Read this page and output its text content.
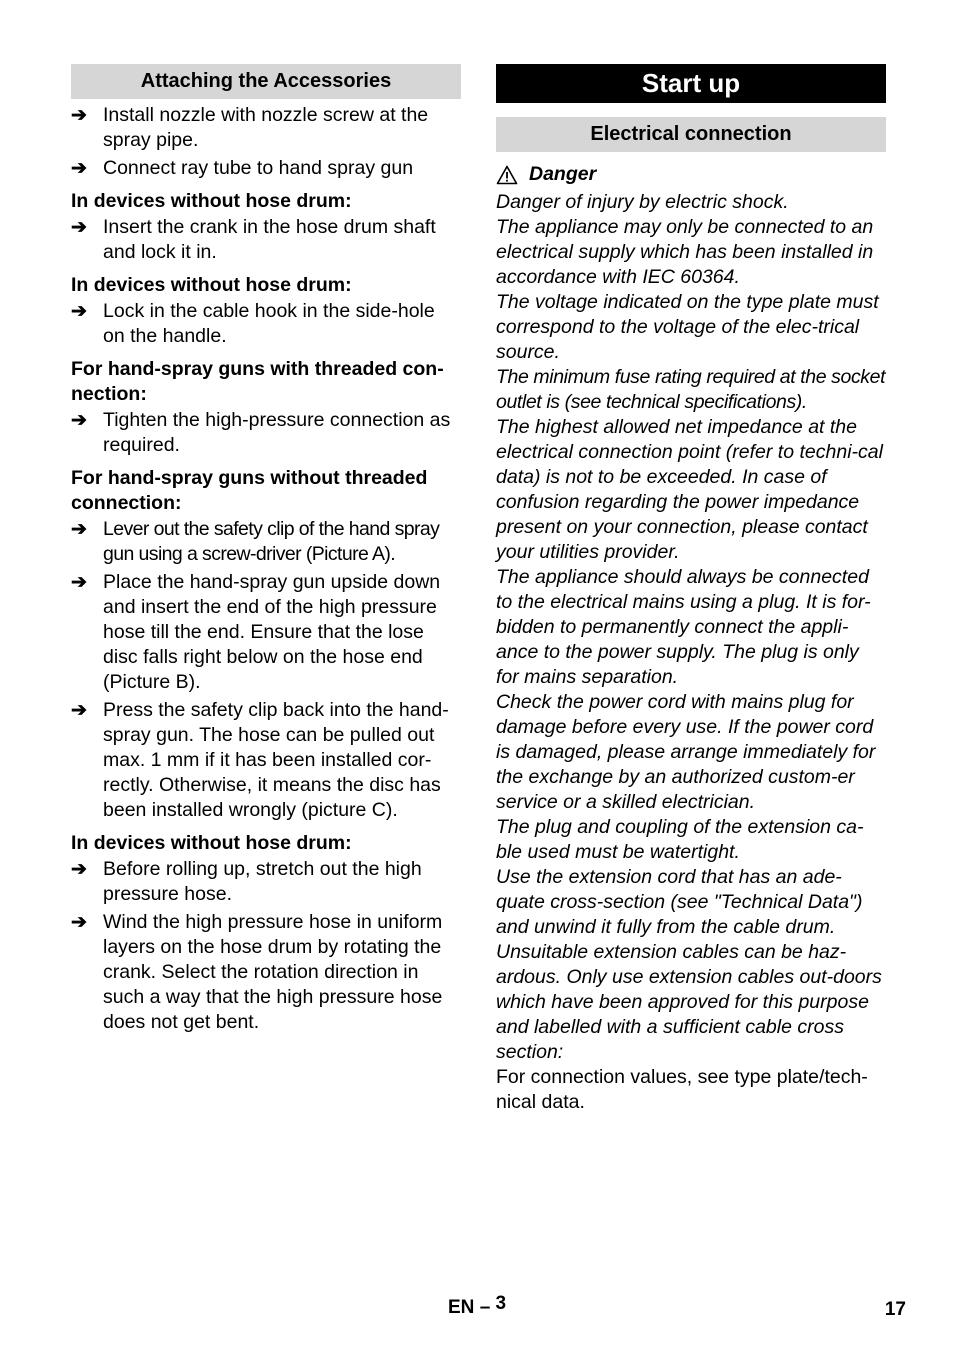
Attaching the Accessories
➔ Install nozzle with nozzle screw at the spray pipe.
➔ Connect ray tube to hand spray gun
In devices without hose drum:
➔ Insert the crank in the hose drum shaft and lock it in.
In devices without hose drum:
➔ Lock in the cable hook in the side-hole on the handle.
For hand-spray guns with threaded con-nection:
➔ Tighten the high-pressure connection as required.
For hand-spray guns without threaded connection:
➔ Lever out the safety clip of the hand spray gun using a screw-driver (Picture A).
➔ Place the hand-spray gun upside down and insert the end of the high pressure hose till the end. Ensure that the lose disc falls right below on the hose end (Picture B).
➔ Press the safety clip back into the hand-spray gun. The hose can be pulled out max. 1 mm if it has been installed cor-rectly. Otherwise, it means the disc has been installed wrongly (picture C).
In devices without hose drum:
➔ Before rolling up, stretch out the high pressure hose.
➔ Wind the high pressure hose in uniform layers on the hose drum by rotating the crank. Select the rotation direction in such a way that the high pressure hose does not get bent.
Start up
Electrical connection
Danger

Danger of injury by electric shock.

The appliance may only be connected to an electrical supply which has been installed in accordance with IEC 60364.

The voltage indicated on the type plate must correspond to the voltage of the elec-trical source.

The minimum fuse rating required at the socket outlet is (see technical specifications).

The highest allowed net impedance at the electrical connection point (refer to techni-cal data) is not to be exceeded. In case of confusion regarding the power impedance present on your connection, please contact your utilities provider.

The appliance should always be connected to the electrical mains using a plug. It is for-bidden to permanently connect the appli-ance to the power supply. The plug is only for mains separation.

Check the power cord with mains plug for damage before every use. If the power cord is damaged, please arrange immediately for the exchange by an authorized custom-er service or a skilled electrician.

The plug and coupling of the extension ca-ble used must be watertight.

Use the extension cord that has an ade-quate cross-section (see "Technical Data") and unwind it fully from the cable drum.

Unsuitable extension cables can be haz-ardous. Only use extension cables out-doors which have been approved for this purpose and labelled with a sufficient cable cross section:

For connection values, see type plate/tech-nical data.

EN – 3	17
